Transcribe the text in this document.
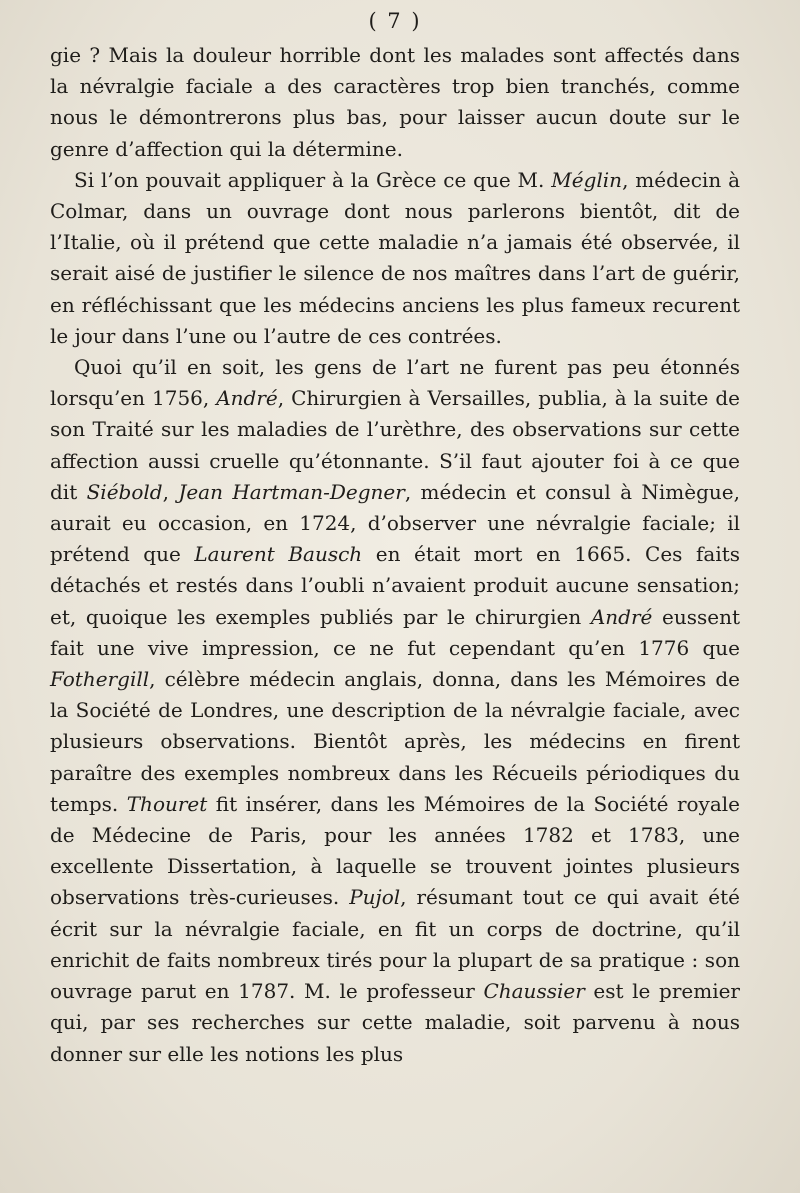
( 7 )

gie ? Mais la douleur horrible dont les malades sont affectés dans la névralgie faciale a des caractères trop bien tranchés, comme nous le démontrerons plus bas, pour laisser aucun doute sur le genre d’affection qui la détermine.

Si l’on pouvait appliquer à la Grèce ce que M. Méglin, médecin à Colmar, dans un ouvrage dont nous parlerons bientôt, dit de l’Italie, où il prétend que cette maladie n’a jamais été observée, il serait aisé de justifier le silence de nos maîtres dans l’art de guérir, en réfléchissant que les médecins anciens les plus fameux recurent le jour dans l’une ou l’autre de ces contrées.

Quoi qu’il en soit, les gens de l’art ne furent pas peu étonnés lorsqu’en 1756, André, Chirurgien à Versailles, publia, à la suite de son Traité sur les maladies de l’urèthre, des observations sur cette affection aussi cruelle qu’étonnante. S’il faut ajouter foi à ce que dit Siébold, Jean Hartman-Degner, médecin et consul à Nimègue, aurait eu occasion, en 1724, d’observer une névralgie faciale; il prétend que Laurent Bausch en était mort en 1665. Ces faits détachés et restés dans l’oubli n’avaient produit aucune sensation; et, quoique les exemples publiés par le chirurgien André eussent fait une vive impression, ce ne fut cependant qu’en 1776 que Fothergill, célèbre médecin anglais, donna, dans les Mémoires de la Société de Londres, une description de la névralgie faciale, avec plusieurs observations. Bientôt après, les médecins en firent paraître des exemples nombreux dans les Récueils périodiques du temps. Thouret fit insérer, dans les Mémoires de la Société royale de Médecine de Paris, pour les années 1782 et 1783, une excellente Dissertation, à laquelle se trouvent jointes plusieurs observations très-curieuses. Pujol, résumant tout ce qui avait été écrit sur la névralgie faciale, en fit un corps de doctrine, qu’il enrichit de faits nombreux tirés pour la plupart de sa pratique : son ouvrage parut en 1787. M. le professeur Chaussier est le premier qui, par ses recherches sur cette maladie, soit parvenu à nous donner sur elle les notions les plus
